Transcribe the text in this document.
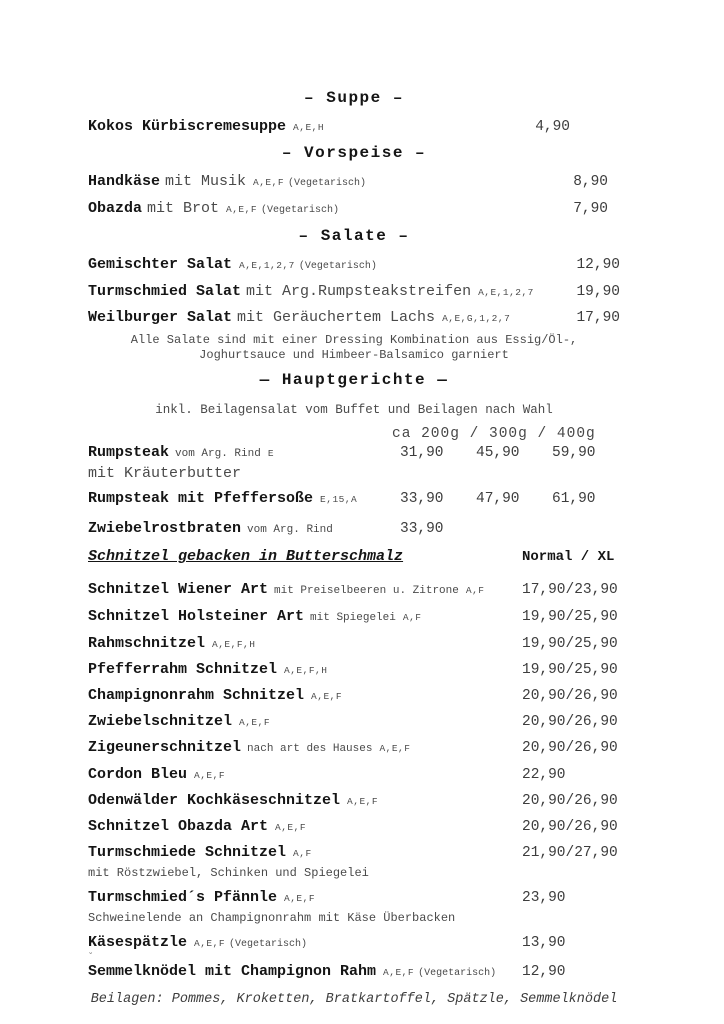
– Suppe –
Kokos Kürbiscremesuppe A,E,H	4,90
– Vorspeise –
Handkäse mit Musik A,E,F (Vegetarisch)	8,90
Obazda mit Brot A,E,F (Vegetarisch)	7,90
– Salate –
Gemischter Salat A,E,1,2,7 (Vegetarisch)	12,90
Turmschmied Salat mit Arg.Rumpsteakstreifen A,E,1,2,7	19,90
Weilburger Salat mit Geräuchertem Lachs A,E,G,1,2,7	17,90
Alle Salate sind mit einer Dressing Kombination aus Essig/Öl-,
Joghurtsauce und Himbeer-Balsamico garniert
— Hauptgerichte —
inkl. Beilagensalat vom Buffet und Beilagen nach Wahl
ca 200g / 300g / 400g
Rumpsteak vom Arg. Rind E	31,90	45,90	59,90
mit Kräuterbutter
Rumpsteak mit Pfeffersoße E,15,A	33,90	47,90	61,90
Zwiebelrostbraten vom Arg. Rind	33,90
Schnitzel gebacken in Butterschmalz	Normal / XL
Schnitzel Wiener Art mit Preiselbeeren u. Zitrone A,F	17,90/23,90
Schnitzel Holsteiner Art mit Spiegelei A,F	19,90/25,90
Rahmschnitzel A,E,F,H	19,90/25,90
Pfefferrahm Schnitzel A,E,F,H	19,90/25,90
Champignonrahm Schnitzel A,E,F	20,90/26,90
Zwiebelschnitzel A,E,F	20,90/26,90
Zigeunerschnitzel nach art des Hauses A,E,F	20,90/26,90
Cordon Bleu A,E,F	22,90
Odenwälder Kochkäseschnitzel A,E,F	20,90/26,90
Schnitzel Obazda Art A,E,F	20,90/26,90
Turmschmiede Schnitzel A,F	21,90/27,90
mit Röstzwiebel, Schinken und Spiegelei
Turmschmied´s Pfännle A,E,F	23,90
Schweinelende an Champignonrahm mit Käse Überbacken
Käsespätzle A,E,F (Vegetarisch)	13,90
˘
Semmelknödel mit Champignon Rahm A,E,F (Vegetarisch)	12,90
Beilagen: Pommes, Kroketten, Bratkartoffel, Spätzle, Semmelknödel
